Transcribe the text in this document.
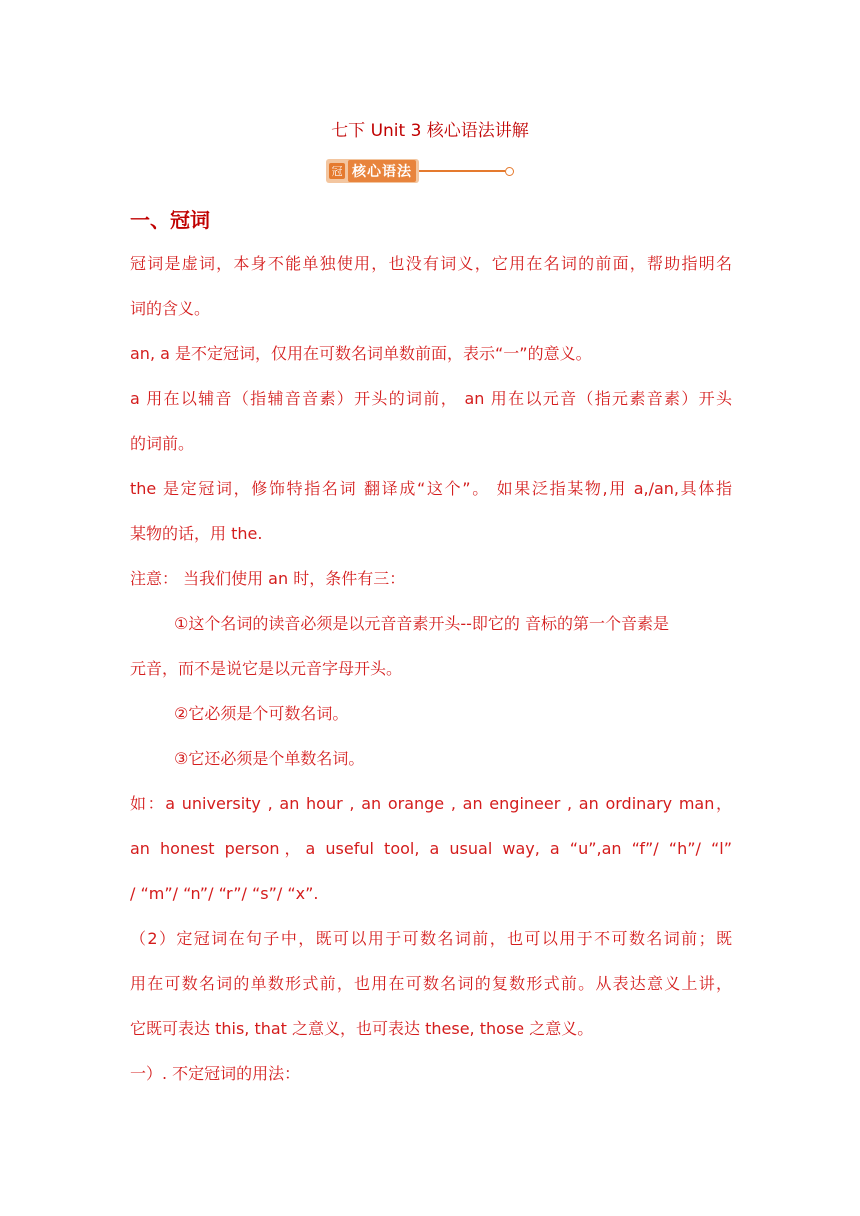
七下 Unit 3 核心语法讲解
冠 核心语法
一、冠词
冠词是虚词，本身不能单独使用，也没有词义，它用在名词的前面，帮助指明名
词的含义。
an, a 是不定冠词，仅用在可数名词单数前面，表示“一”的意义。
a 用在以辅音（指辅音音素）开头的词前， an 用在以元音（指元素音素）开头
的词前。
the 是定冠词，修饰特指名词 翻译成“这个”。 如果泛指某物,用 a,/an,具体指
某物的话，用 the.
注意： 当我们使用 an 时，条件有三：
①这个名词的读音必须是以元音音素开头--即它的 音标的第一个音素是
元音，而不是说它是以元音字母开头。
②它必须是个可数名词。
③它还必须是个单数名词。
如：a university , an hour , an orange , an engineer , an ordinary man，
an honest person，a useful tool, a usual way, a “u”,an “f”/ “h”/ “l”
/ “m”/ “n”/ “r”/ “s”/ “x”.
（2）定冠词在句子中，既可以用于可数名词前，也可以用于不可数名词前；既
用在可数名词的单数形式前，也用在可数名词的复数形式前。从表达意义上讲，
它既可表达 this, that 之意义，也可表达 these, those 之意义。
一）. 不定冠词的用法：
